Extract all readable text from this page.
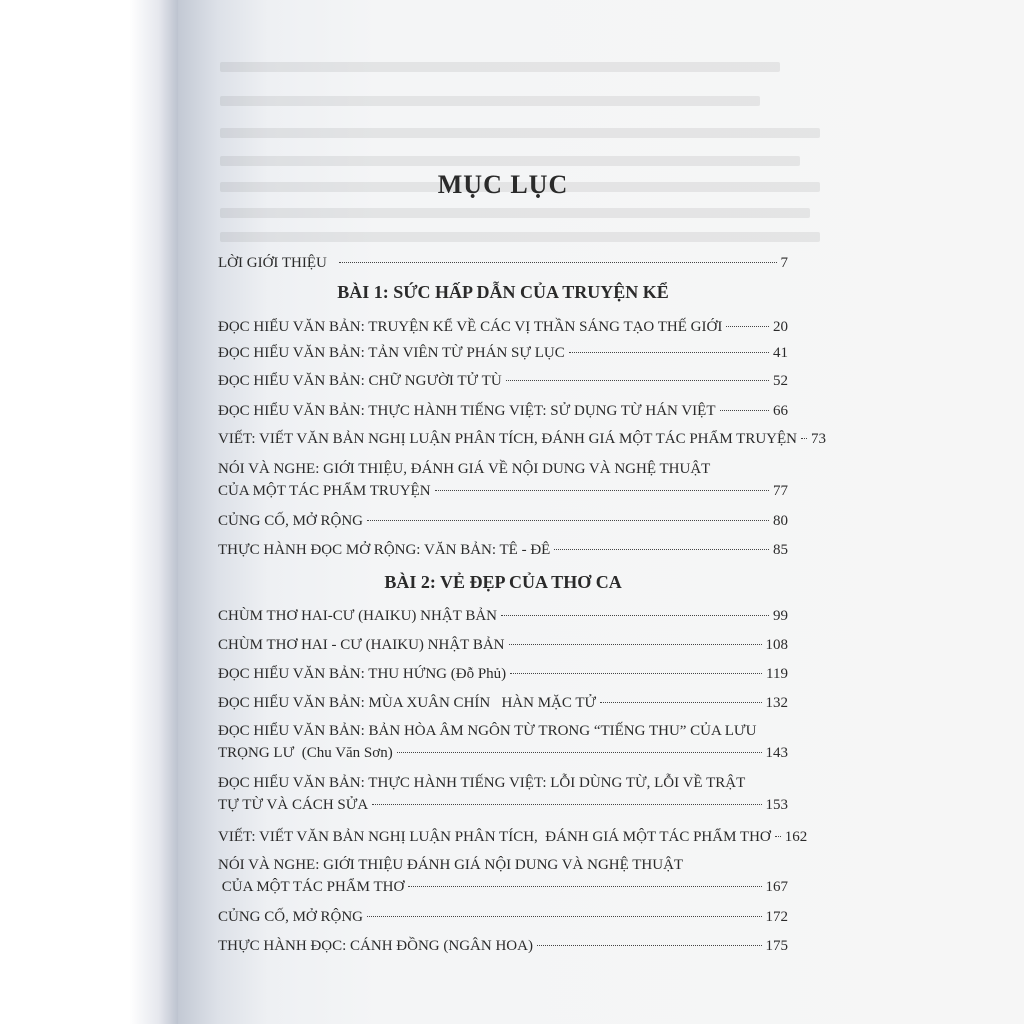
MỤC LỤC
LỜI GIỚI THIỆU	7
BÀI 1: SỨC HẤP DẪN CỦA TRUYỆN KỂ
ĐỌC HIỂU VĂN BẢN: TRUYỆN KỂ VỀ CÁC VỊ THẦN SÁNG TẠO THẾ GIỚI	20
ĐỌC HIỂU VĂN BẢN: TẢN VIÊN TỪ PHÁN SỰ LỤC	41
ĐỌC HIỂU VĂN BẢN: CHỮ NGƯỜI TỬ TÙ	52
ĐỌC HIỂU VĂN BẢN: THỰC HÀNH TIẾNG VIỆT: SỬ DỤNG TỪ HÁN VIỆT	66
VIẾT: VIẾT VĂN BẢN NGHỊ LUẬN PHÂN TÍCH, ĐÁNH GIÁ MỘT TÁC PHẨM TRUYỆN 73
NÓI VÀ NGHE: GIỚI THIỆU, ĐÁNH GIÁ VỀ NỘI DUNG VÀ NGHỆ THUẬT
CỦA MỘT TÁC PHẨM TRUYỆN	77
CỦNG CỐ, MỞ RỘNG	80
THỰC HÀNH ĐỌC MỞ RỘNG: VĂN BẢN: TÊ - ĐÊ	85
BÀI 2: VẺ ĐẸP CỦA THƠ CA
CHÙM THƠ HAI-CƯ (HAIKU) NHẬT BẢN	99
CHÙM THƠ HAI - CƯ (HAIKU) NHẬT BẢN	108
ĐỌC HIỂU VĂN BẢN: THU HỨNG (Đỗ Phủ)	119
ĐỌC HIỂU VĂN BẢN: MÙA XUÂN CHÍN   HÀN MẶC TỬ	132
ĐỌC HIỂU VĂN BẢN: BẢN HÒA ÂM NGÔN TỪ TRONG “TIẾNG THU” CỦA LƯU
TRỌNG LƯ  (Chu Văn Sơn)	143
ĐỌC HIỂU VĂN BẢN: THỰC HÀNH TIẾNG VIỆT: LỖI DÙNG TỪ, LỖI VỀ TRẬT
TỰ TỪ VÀ CÁCH SỬA	153
VIẾT: VIẾT VĂN BẢN NGHỊ LUẬN PHÂN TÍCH,  ĐÁNH GIÁ MỘT TÁC PHẨM THƠ 162
NÓI VÀ NGHE: GIỚI THIỆU ĐÁNH GIÁ NỘI DUNG VÀ NGHỆ THUẬT
CỦA MỘT TÁC PHẨM THƠ	167
CỦNG CỐ, MỞ RỘNG	172
THỰC HÀNH ĐỌC: CÁNH ĐỒNG (NGÂN HOA)	175
